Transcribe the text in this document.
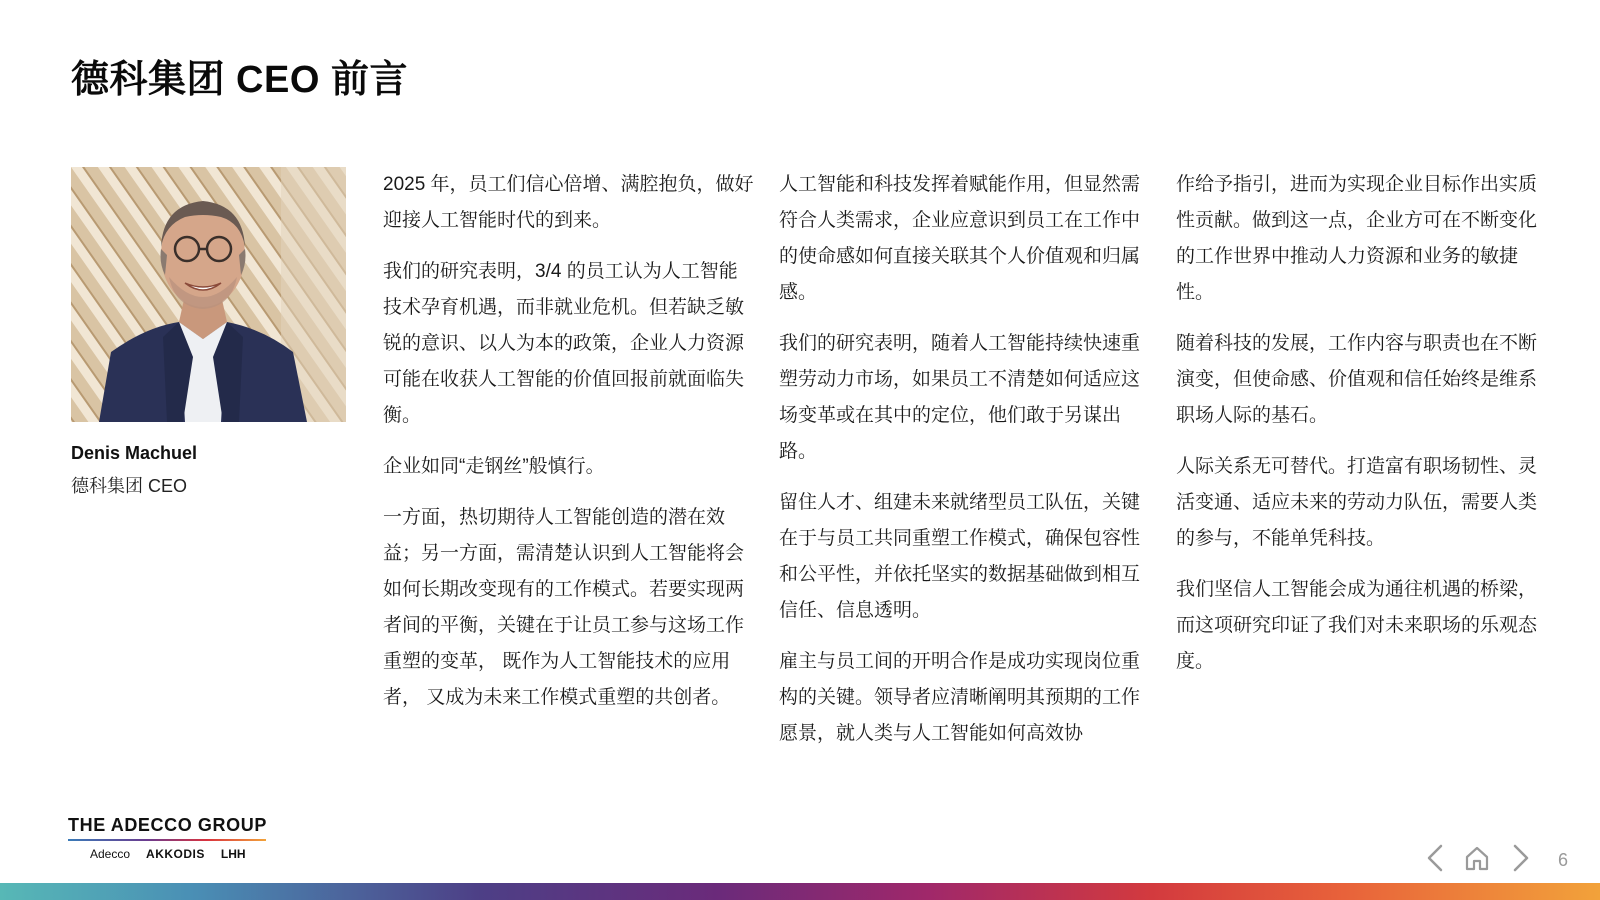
德科集团 CEO 前言
Denis Machuel
德科集团 CEO

2025 年，员工们信心倍增、满腔抱负，做好迎接人工智能时代的到来。

我们的研究表明，3/4 的员工认为人工智能技术孕育机遇，而非就业危机。但若缺乏敏锐的意识、以人为本的政策，企业人力资源可能在收获人工智能的价值回报前就面临失衡。

企业如同“走钢丝”般慎行。

一方面，热切期待人工智能创造的潜在效益；另一方面，需清楚认识到人工智能将会如何长期改变现有的工作模式。若要实现两者间的平衡，关键在于让员工参与这场工作重塑的变革， 既作为人工智能技术的应用者， 又成为未来工作模式重塑的共创者。

人工智能和科技发挥着赋能作用，但显然需符合人类需求，企业应意识到员工在工作中的使命感如何直接关联其个人价值观和归属感。

我们的研究表明，随着人工智能持续快速重塑劳动力市场，如果员工不清楚如何适应这场变革或在其中的定位，他们敢于另谋出路。

留住人才、组建未来就绪型员工队伍，关键在于与员工共同重塑工作模式，确保包容性和公平性，并依托坚实的数据基础做到相互信任、信息透明。

雇主与员工间的开明合作是成功实现岗位重构的关键。领导者应清晰阐明其预期的工作愿景，就人类与人工智能如何高效协

作给予指引，进而为实现企业目标作出实质性贡献。做到这一点，企业方可在不断变化的工作世界中推动人力资源和业务的敏捷性。

随着科技的发展，工作内容与职责也在不断演变，但使命感、价值观和信任始终是维系职场人际的基石。

人际关系无可替代。打造富有职场韧性、灵活变通、适应未来的劳动力队伍，需要人类的参与，不能单凭科技。

我们坚信人工智能会成为通往机遇的桥梁，而这项研究印证了我们对未来职场的乐观态度。

THE ADECCO GROUP
Adecco AKKODIS LHH	6
